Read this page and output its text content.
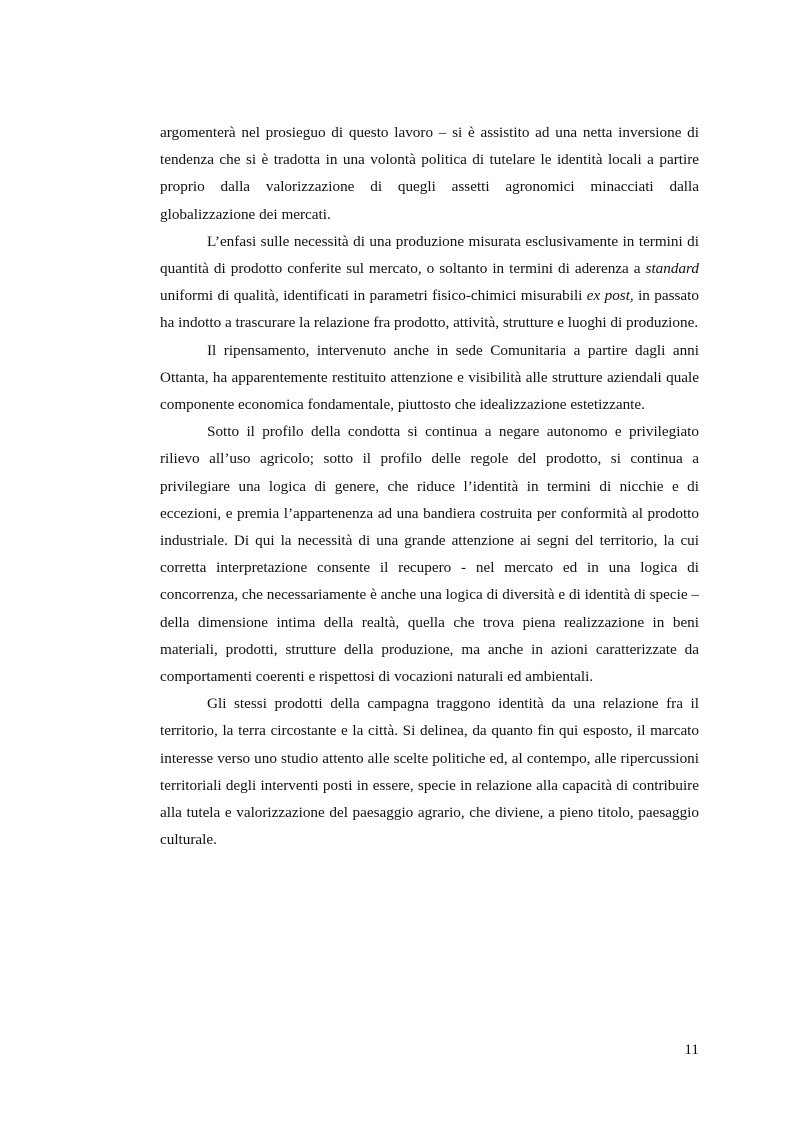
argomenterà nel prosieguo di questo lavoro – si è assistito ad una netta inversione di tendenza che si è tradotta in una volontà politica di tutelare le identità locali a partire proprio dalla valorizzazione di quegli assetti agronomici minacciati dalla globalizzazione dei mercati.

L’enfasi sulle necessità di una produzione misurata esclusivamente in termini di quantità di prodotto conferite sul mercato, o soltanto in termini di aderenza a standard uniformi di qualità, identificati in parametri fisico-chimici misurabili ex post, in passato ha indotto a trascurare la relazione fra prodotto, attività, strutture e luoghi di produzione.

Il ripensamento, intervenuto anche in sede Comunitaria a partire dagli anni Ottanta, ha apparentemente restituito attenzione e visibilità alle strutture aziendali quale componente economica fondamentale, piuttosto che idealizzazione estetizzante.

Sotto il profilo della condotta si continua a negare autonomo e privilegiato rilievo all’uso agricolo; sotto il profilo delle regole del prodotto, si continua a privilegiare una logica di genere, che riduce l’identità in termini di nicchie e di eccezioni, e premia l’appartenenza ad una bandiera costruita per conformità al prodotto industriale. Di qui la necessità di una grande attenzione ai segni del territorio, la cui corretta interpretazione consente il recupero - nel mercato ed in una logica di concorrenza, che necessariamente è anche una logica di diversità e di identità di specie – della dimensione intima della realtà, quella che trova piena realizzazione in beni materiali, prodotti, strutture della produzione, ma anche in azioni caratterizzate da comportamenti coerenti e rispettosi di vocazioni naturali ed ambientali.

Gli stessi prodotti della campagna traggono identità da una relazione fra il territorio, la terra circostante e la città. Si delinea, da quanto fin qui esposto, il marcato interesse verso uno studio attento alle scelte politiche ed, al contempo, alle ripercussioni territoriali degli interventi posti in essere, specie in relazione alla capacità di contribuire alla tutela e valorizzazione del paesaggio agrario, che diviene, a pieno titolo, paesaggio culturale.

11
